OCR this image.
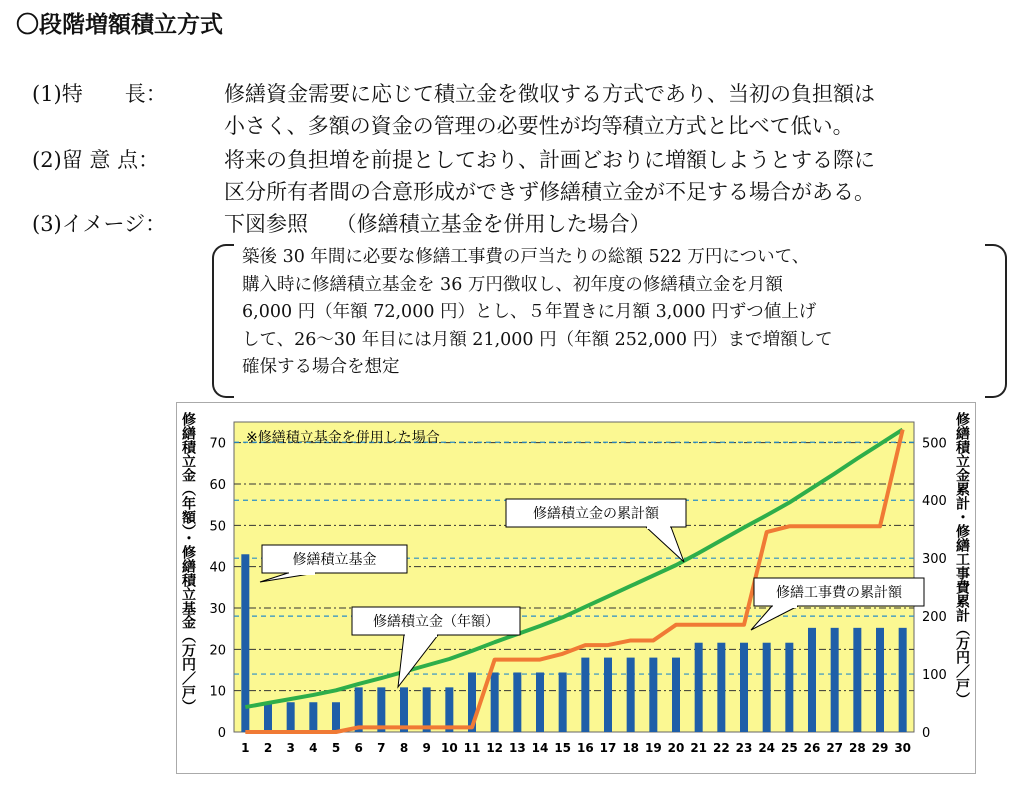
〇段階増額積立方式
(1)特　　長：	修繕資金需要に応じて積立金を徴収する方式であり、当初の負担額は
小さく、多額の資金の管理の必要性が均等積立方式と比べて低い。
(2)留 意 点：	将来の負担増を前提としており、計画どおりに増額しようとする際に
区分所有者間の合意形成ができず修繕積立金が不足する場合がある。
(3)イメージ：	下図参照　 （修繕積立基金を併用した場合）
築後 30 年間に必要な修繕工事費の戸当たりの総額 522 万円について、
購入時に修繕積立基金を 36 万円徴収し、初年度の修繕積立金を月額
6,000 円（年額 72,000 円）とし、５年置きに月額 3,000 円ずつ値上げ
して、26～30 年目には月額 21,000 円（年額 252,000 円）まで増額して
確保する場合を想定
0
10
20
30
40
50
60
70
0
100
200
300
400
500
1 2 3 4 5 6 7 8 9 10 11 12 13 14 15 16 17 18 19 20 21 22 23 24 25 26 27 28 29 30
※修繕積立基金を併用した場合
修繕積立基金
修繕積立金（年額）
修繕積立金の累計額
修繕工事費の累計額
修繕積立金（年額）・修繕積立基金（万円／戸）	修繕積立金累計・修繕工事費累計（万円／戸）
